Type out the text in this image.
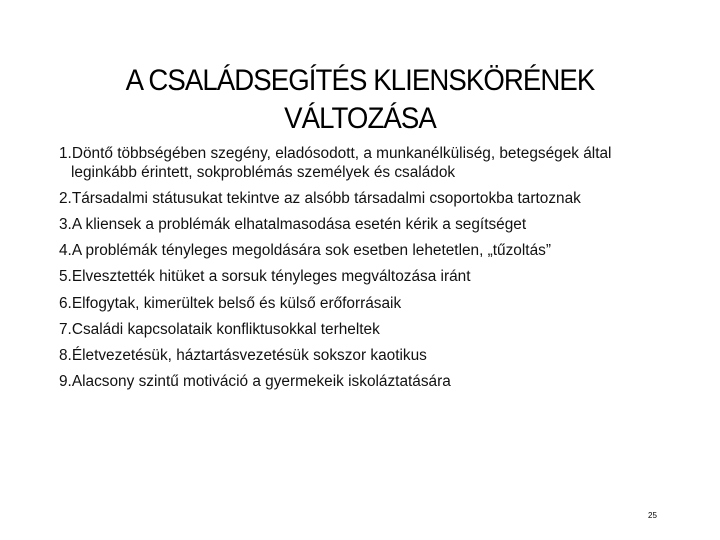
A CSALÁDSEGÍTÉS KLIENSKÖRÉNEK
VÁLTOZÁSA
1.Döntő többségében szegény, eladósodott, a munkanélküliség, betegségek által leginkább érintett, sokproblémás személyek és családok
2.Társadalmi státusukat tekintve az alsóbb társadalmi csoportokba tartoznak
3.A kliensek a problémák elhatalmasodása esetén kérik a segítséget
4.A problémák tényleges megoldására sok esetben lehetetlen, „tűzoltás”
5.Elvesztették hitüket a sorsuk tényleges megváltozása iránt
6.Elfogytak, kimerültek belső és külső erőforrásaik
7.Családi kapcsolataik konfliktusokkal terheltek
8.Életvezetésük, háztartásvezetésük sokszor kaotikus
9.Alacsony szintű motiváció a gyermekeik iskoláztatására
25
